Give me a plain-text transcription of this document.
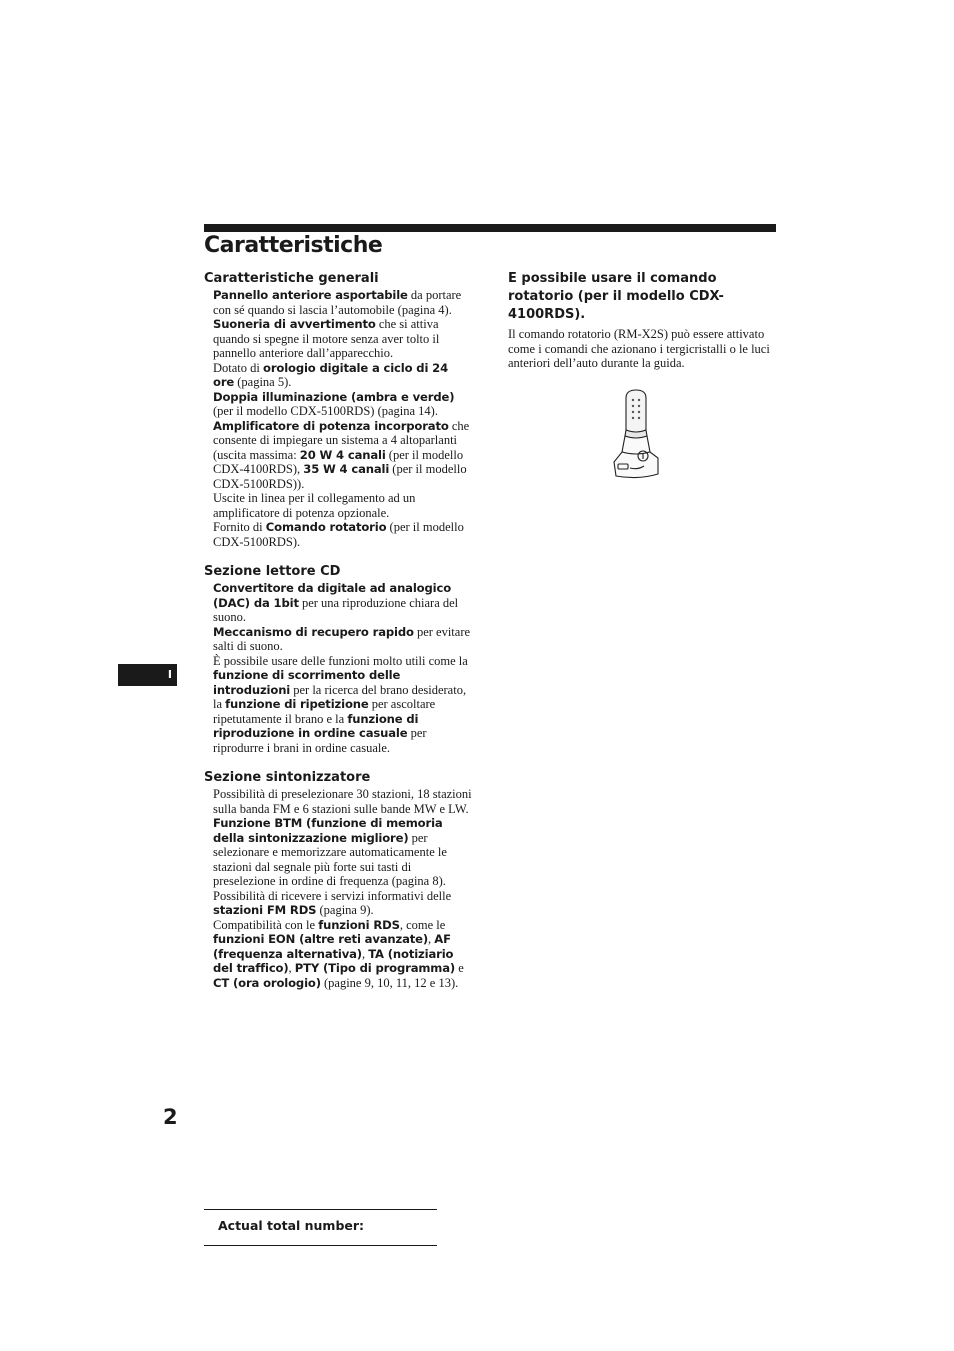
Caratteristiche
Caratteristiche generali

Pannello anteriore asportabile da portare con sé quando si lascia l’automobile (pagina 4).

Suoneria di avvertimento che si attiva quando si spegne il motore senza aver tolto il pannello anteriore dall’apparecchio.

Dotato di orologio digitale a ciclo di 24 ore (pagina 5).

Doppia illuminazione (ambra e verde) (per il modello CDX-5100RDS) (pagina 14).

Amplificatore di potenza incorporato che consente di impiegare un sistema a 4 altoparlanti (uscita massima: 20 W 4 canali (per il modello CDX-4100RDS), 35 W 4 canali (per il modello CDX-5100RDS)).

Uscite in linea per il collegamento ad un amplificatore di potenza opzionale.

Fornito di Comando rotatorio (per il modello CDX-5100RDS).

Sezione lettore CD

Convertitore da digitale ad analogico (DAC) da 1bit per una riproduzione chiara del suono.

Meccanismo di recupero rapido per evitare salti di suono.

È possibile usare delle funzioni molto utili come la funzione di scorrimento delle introduzioni per la ricerca del brano desiderato, la funzione di ripetizione per ascoltare ripetutamente il brano e la funzione di riproduzione in ordine casuale per riprodurre i brani in ordine casuale.

Sezione sintonizzatore

Possibilità di preselezionare 30 stazioni, 18 stazioni sulla banda FM e 6 stazioni sulle bande MW e LW.

Funzione BTM (funzione di memoria della sintonizzazione migliore) per selezionare e memorizzare automaticamente le stazioni dal segnale più forte sui tasti di preselezione in ordine di frequenza (pagina 8).

Possibilità di ricevere i servizi informativi delle stazioni FM RDS (pagina 9).

Compatibilità con le funzioni RDS, come le funzioni EON (altre reti avanzate), AF (frequenza alternativa), TA (notiziario del traffico), PTY (Tipo di programma) e CT (ora orologio) (pagine 9, 10, 11, 12 e 13).

E possibile usare il comando rotatorio (per il modello CDX-4100RDS).

Il comando rotatorio (RM-X2S) può essere attivato come i comandi che azionano i tergicristalli o le luci anteriori dell’auto durante la guida.

I
2
Actual total number:
